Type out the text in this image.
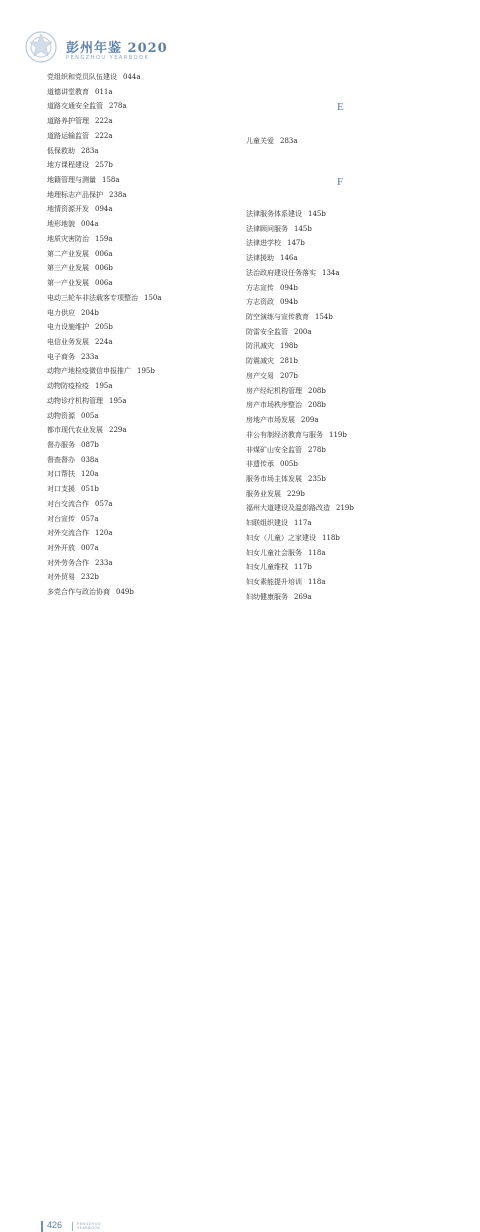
彭州年鉴 2020
PENGZHOU YEARBOOK
党组织和党员队伍建设 044a
道德讲堂教育 011a
道路交通安全监管 278a
道路养护管理 222a
道路运输监管 222a
低保救助 283a
地方课程建设 257b
地籍管理与测量 158a
地理标志产品保护 238a
地情资源开发 094a
地形地貌 004a
地质灾害防治 159a
第二产业发展 006a
第三产业发展 006b
第一产业发展 006a
电动三轮车非法载客专项整治 150a
电力供应 204b
电力设施维护 205b
电信业务发展 224a
电子商务 233a
动物产地检疫微信申报推广 195b
动物防疫检疫 195a
动物诊疗机构管理 195a
动物资源 005a
都市现代农业发展 229a
督办服务 087b
督查督办 038a
对口帮扶 120a
对口支援 051b
对台交流合作 057a
对台宣传 057a
对外交流合作 120a
对外开放 007a
对外劳务合作 233a
对外贸易 232b
多党合作与政治协商 049b
E
儿童关爱 283a
F
法律服务体系建设 145b
法律顾问服务 145b
法律进学校 147b
法律援助 146a
法治政府建设任务落实 134a
方志宣传 094b
方志资政 094b
防空演练与宣传教育 154b
防雷安全监管 200a
防汛减灾 198b
防震减灾 281b
房产交易 207b
房产经纪机构管理 208b
房产市场秩序整治 208b
房地产市场发展 209a
非公有制经济教育与服务 119b
非煤矿山安全监管 278b
非遗传承 005b
服务市场主体发展 235b
服务业发展 229b
福州大道建设及温彭路改造 219b
妇联组织建设 117a
妇女（儿童）之家建设 118b
妇女儿童社会服务 118a
妇女儿童维权 117b
妇女素能提升培训 118a
妇幼健康服务 269a
426	PENGZHOU
YEARBOOK
